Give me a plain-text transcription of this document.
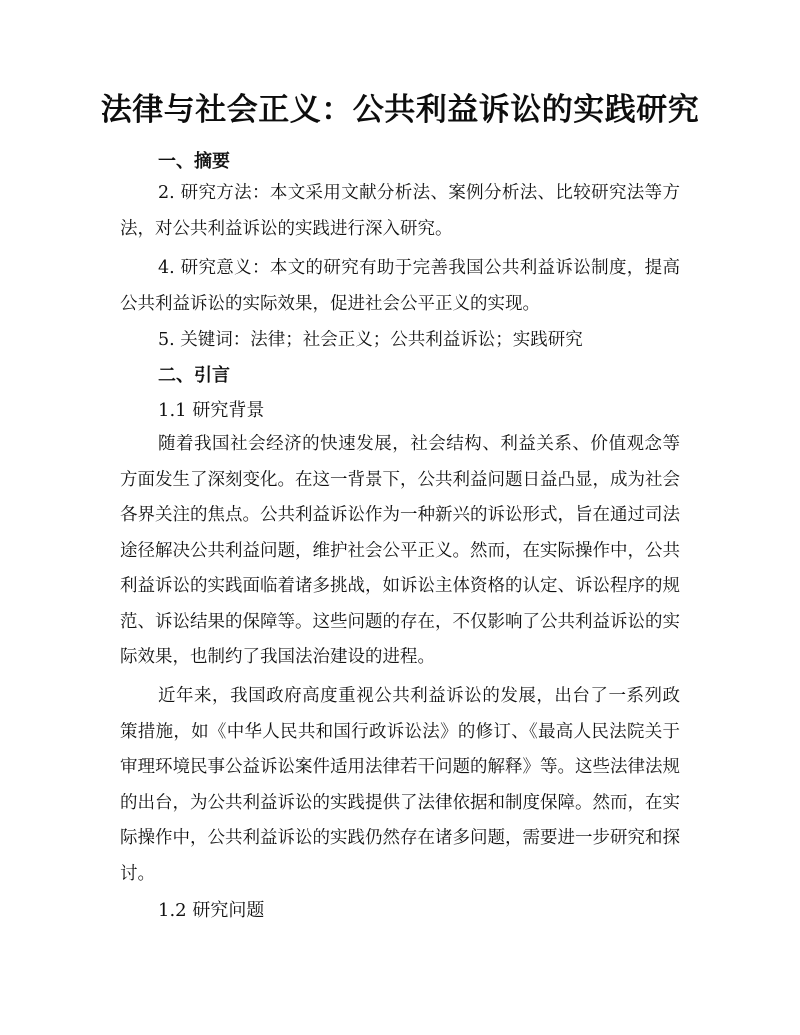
法律与社会正义：公共利益诉讼的实践研究
一、摘要

2. 研究方法：本文采用文献分析法、案例分析法、比较研究法等方法，对公共利益诉讼的实践进行深入研究。

4. 研究意义：本文的研究有助于完善我国公共利益诉讼制度，提高公共利益诉讼的实际效果，促进社会公平正义的实现。

5. 关键词：法律；社会正义；公共利益诉讼；实践研究
二、引言
1.1 研究背景

随着我国社会经济的快速发展，社会结构、利益关系、价值观念等方面发生了深刻变化。在这一背景下，公共利益问题日益凸显，成为社会各界关注的焦点。公共利益诉讼作为一种新兴的诉讼形式，旨在通过司法途径解决公共利益问题，维护社会公平正义。然而，在实际操作中，公共利益诉讼的实践面临着诸多挑战，如诉讼主体资格的认定、诉讼程序的规范、诉讼结果的保障等。这些问题的存在，不仅影响了公共利益诉讼的实际效果，也制约了我国法治建设的进程。

近年来，我国政府高度重视公共利益诉讼的发展，出台了一系列政策措施，如《中华人民共和国行政诉讼法》的修订、《最高人民法院关于审理环境民事公益诉讼案件适用法律若干问题的解释》等。这些法律法规的出台，为公共利益诉讼的实践提供了法律依据和制度保障。然而，在实际操作中，公共利益诉讼的实践仍然存在诸多问题，需要进一步研究和探讨。

1.2 研究问题
